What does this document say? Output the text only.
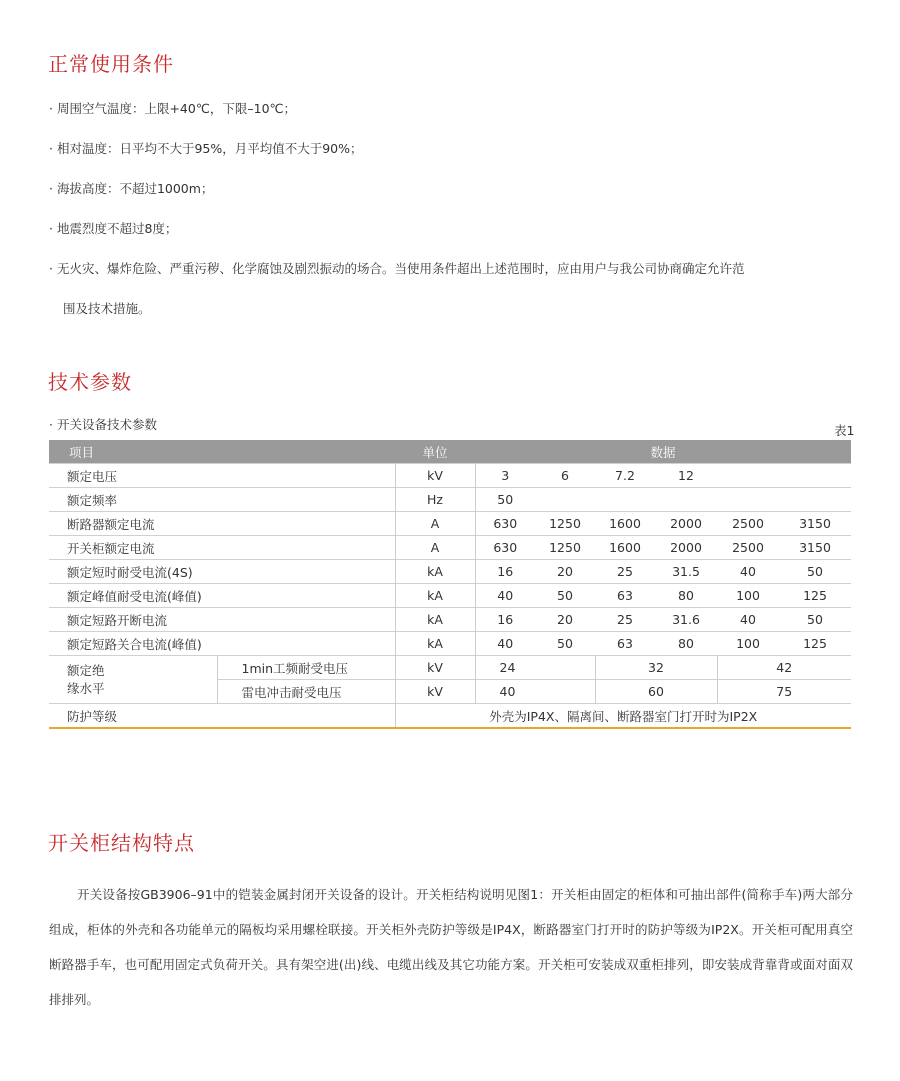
正常使用条件
· 周围空气温度：上限+40℃，下限–10℃；
· 相对温度：日平均不大于95%，月平均值不大于90%；
· 海拔高度：不超过1000m；
· 地震烈度不超过8度；
· 无火灾、爆炸危险、严重污秽、化学腐蚀及剧烈振动的场合。当使用条件超出上述范围时，应由用户与我公司协商确定允许范
围及技术措施。
技术参数
· 开关设备技术参数	表1
项目		单位	数据					
额定电压		kV	3	6	7.2	12		
额定频率		Hz	50					
断路器额定电流		A	630	1250	1600	2000	2500	3150
开关柜额定电流		A	630	1250	1600	2000	2500	3150
额定短时耐受电流(4S)		kA	16	20	25	31.5	40	50
额定峰值耐受电流(峰值)		kA	40	50	63	80	100	125
额定短路开断电流		kA	16	20	25	31.6	40	50
额定短路关合电流(峰值)		kA	40	50	63	80	100	125
额定绝
缘水平	1min工频耐受电压	kV	24		32		42	
	雷电冲击耐受电压	kV	40		60		75	
防护等级		外壳为IP4X、隔离间、断路器室门打开时为IP2X						
开关柜结构特点
开关设备按GB3906–91中的铠装金属封闭开关设备的设计。开关柜结构说明见图1：开关柜由固定的柜体和可抽出部件(简称手车)两大部分组成，柜体的外壳和各功能单元的隔板均采用螺栓联接。开关柜外壳防护等级是IP4X，断路器室门打开时的防护等级为IP2X。开关柜可配用真空断路器手车，也可配用固定式负荷开关。具有架空进(出)线、电缆出线及其它功能方案。开关柜可安装成双重柜排列，即安装成背靠背或面对面双排排列。
